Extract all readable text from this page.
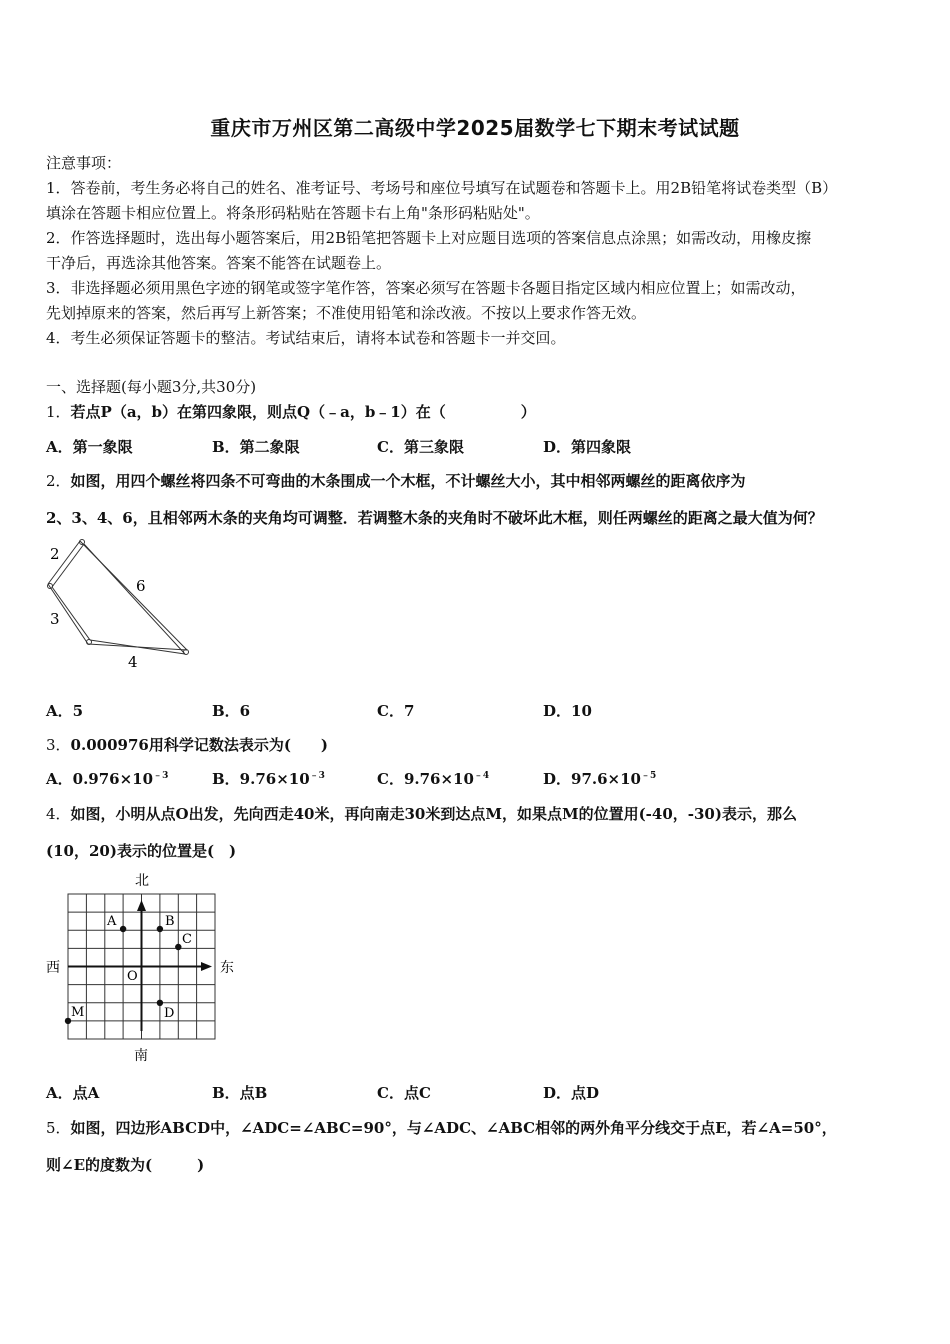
重庆市万州区第二高级中学2025届数学七下期末考试试题
注意事项：
1．答卷前，考生务必将自己的姓名、准考证号、考场号和座位号填写在试题卷和答题卡上。用2B铅笔将试卷类型（B）
填涂在答题卡相应位置上。将条形码粘贴在答题卡右上角"条形码粘贴处"。
2．作答选择题时，选出每小题答案后，用2B铅笔把答题卡上对应题目选项的答案信息点涂黑；如需改动，用橡皮擦
干净后，再选涂其他答案。答案不能答在试题卷上。
3．非选择题必须用黑色字迹的钢笔或签字笔作答，答案必须写在答题卡各题目指定区域内相应位置上；如需改动，
先划掉原来的答案，然后再写上新答案；不准使用铅笔和涂改液。不按以上要求作答无效。
4．考生必须保证答题卡的整洁。考试结束后，请将本试卷和答题卡一并交回。
一、选择题(每小题3分,共30分)
1．若点P（a，b）在第四象限，则点Q（﹣a，b﹣1）在（　　　　　）
A．第一象限	B．第二象限	C．第三象限	D．第四象限
2．如图，用四个螺丝将四条不可弯曲的木条围成一个木框，不计螺丝大小，其中相邻两螺丝的距离依序为
2、3、4、6，且相邻两木条的夹角均可调整．若调整木条的夹角时不破坏此木框，则任两螺丝的距离之最大值为何？
2
6
3
4
A．5	B．6	C．7	D．10
3．0.000976用科学记数法表示为(　　)
A．$0.976\times 10^{﹣3}$	B．$9.76\times 10^{﹣3}$	C．$9.76\times 10^{﹣4}$	D．$97.6\times 10^{﹣5}$
4．如图，小明从点O出发，先向西走40米，再向南走30米到达点M，如果点M的位置用(-40，-30)表示，那么
(10，20)表示的位置是(　)
北
南
西	东
A	B
C
O
M	D
A．点A	B．点B	C．点C	D．点D
5．如图，四边形ABCD中，∠ADC=∠ABC=90°，与∠ADC、∠ABC相邻的两外角平分线交于点E，若∠A=50°，
则∠E的度数为(　　　)
